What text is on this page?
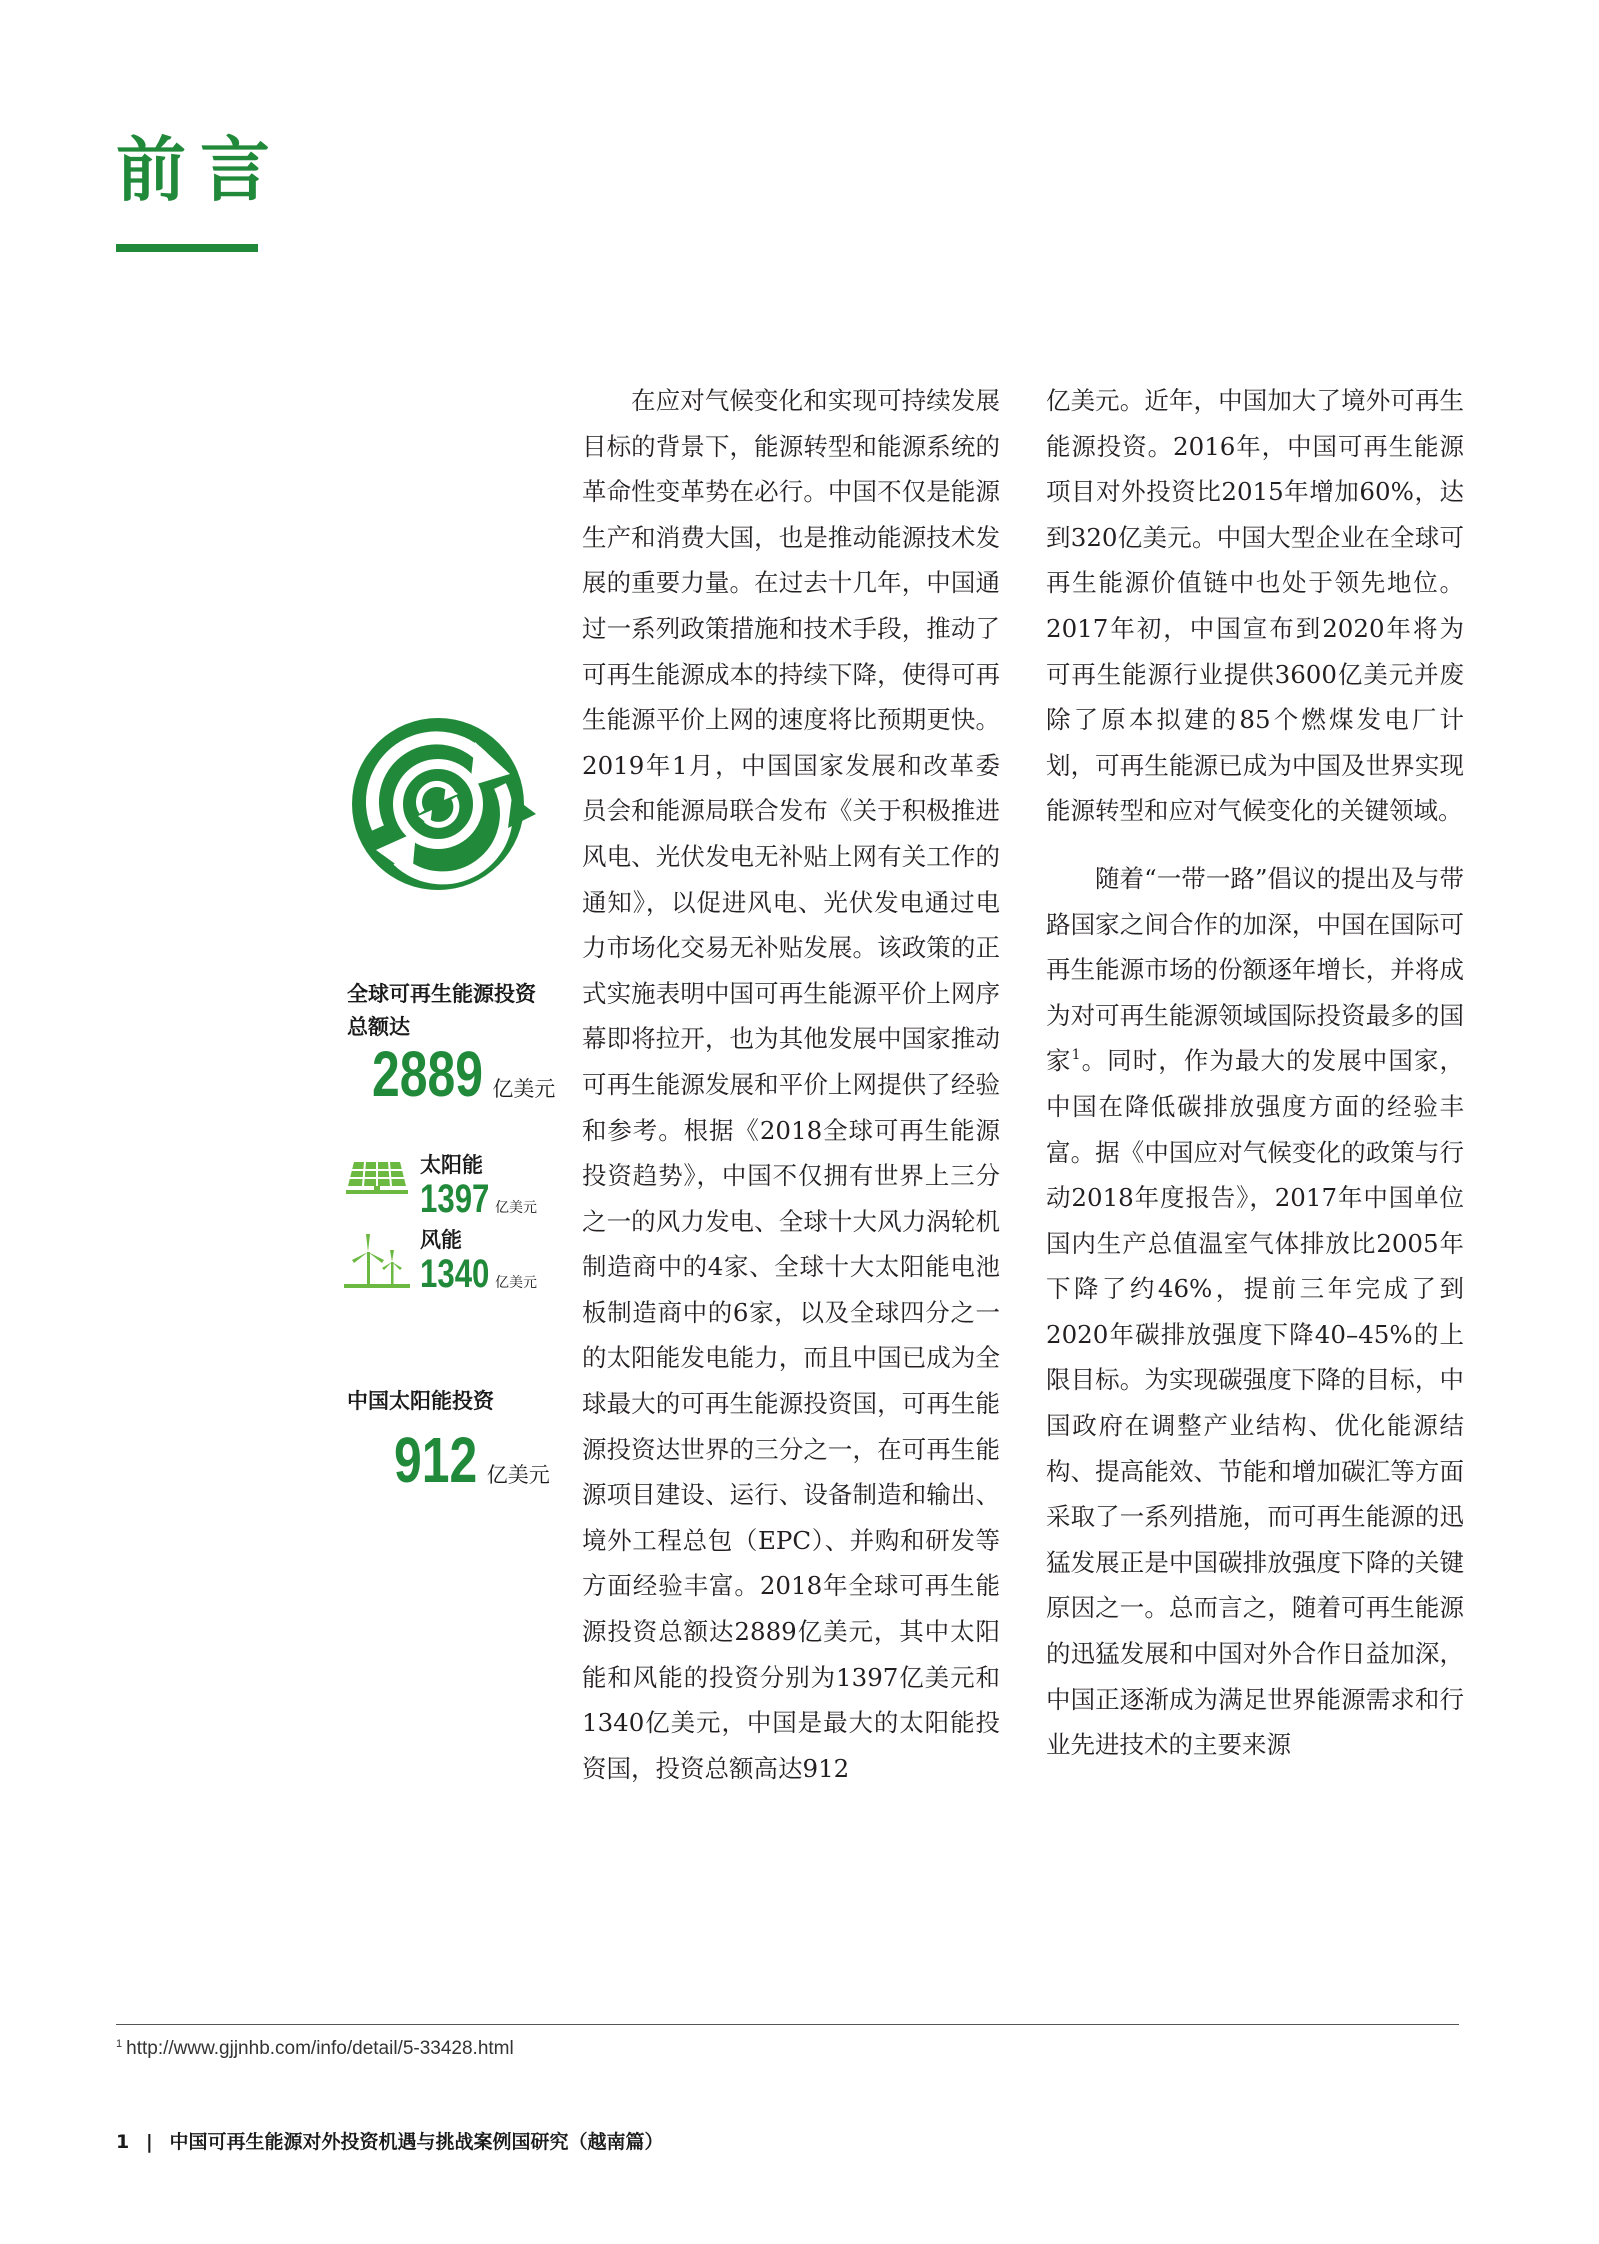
前言

全球可再生能源投资
总额达

2889 亿美元
太阳能
1397 亿美元
风能
1340 亿美元

中国太阳能投资

912 亿美元

在应对气候变化和实现可持续发展目标的背景下，能源转型和能源系统的革命性变革势在必行。中国不仅是能源生产和消费大国，也是推动能源技术发展的重要力量。在过去十几年，中国通过一系列政策措施和技术手段，推动了可再生能源成本的持续下降，使得可再生能源平价上网的速度将比预期更快。2019年1月，中国国家发展和改革委员会和能源局联合发布《关于积极推进风电、光伏发电无补贴上网有关工作的通知》，以促进风电、光伏发电通过电力市场化交易无补贴发展。该政策的正式实施表明中国可再生能源平价上网序幕即将拉开，也为其他发展中国家推动可再生能源发展和平价上网提供了经验和参考。根据《2018全球可再生能源投资趋势》，中国不仅拥有世界上三分之一的风力发电、全球十大风力涡轮机制造商中的4家、全球十大太阳能电池板制造商中的6家，以及全球四分之一的太阳能发电能力，而且中国已成为全球最大的可再生能源投资国，可再生能源投资达世界的三分之一，在可再生能源项目建设、运行、设备制造和输出、境外工程总包（EPC）、并购和研发等方面经验丰富。2018年全球可再生能源投资总额达2889亿美元，其中太阳能和风能的投资分别为1397亿美元和1340亿美元，中国是最大的太阳能投资国，投资总额高达912

亿美元。近年，中国加大了境外可再生能源投资。2016年，中国可再生能源项目对外投资比2015年增加60%，达到320亿美元。中国大型企业在全球可再生能源价值链中也处于领先地位。2017年初，中国宣布到2020年将为可再生能源行业提供3600亿美元并废除了原本拟建的85个燃煤发电厂计划，可再生能源已成为中国及世界实现能源转型和应对气候变化的关键领域。

随着“一带一路”倡议的提出及与带路国家之间合作的加深，中国在国际可再生能源市场的份额逐年增长，并将成为对可再生能源领域国际投资最多的国家$^1$。同时，作为最大的发展中国家，中国在降低碳排放强度方面的经验丰富。据《中国应对气候变化的政策与行动2018年度报告》，2017年中国单位国内生产总值温室气体排放比2005年下降了约46%，提前三年完成了到2020年碳排放强度下降40–45%的上限目标。为实现碳强度下降的目标，中国政府在调整产业结构、优化能源结构、提高能效、节能和增加碳汇等方面采取了一系列措施，而可再生能源的迅猛发展正是中国碳排放强度下降的关键原因之一。总而言之，随着可再生能源的迅猛发展和中国对外合作日益加深，中国正逐渐成为满足世界能源需求和行业先进技术的主要来源

$^1$ http://www.gjjnhb.com/info/detail/5-33428.html

1 | 中国可再生能源对外投资机遇与挑战案例国研究（越南篇）
